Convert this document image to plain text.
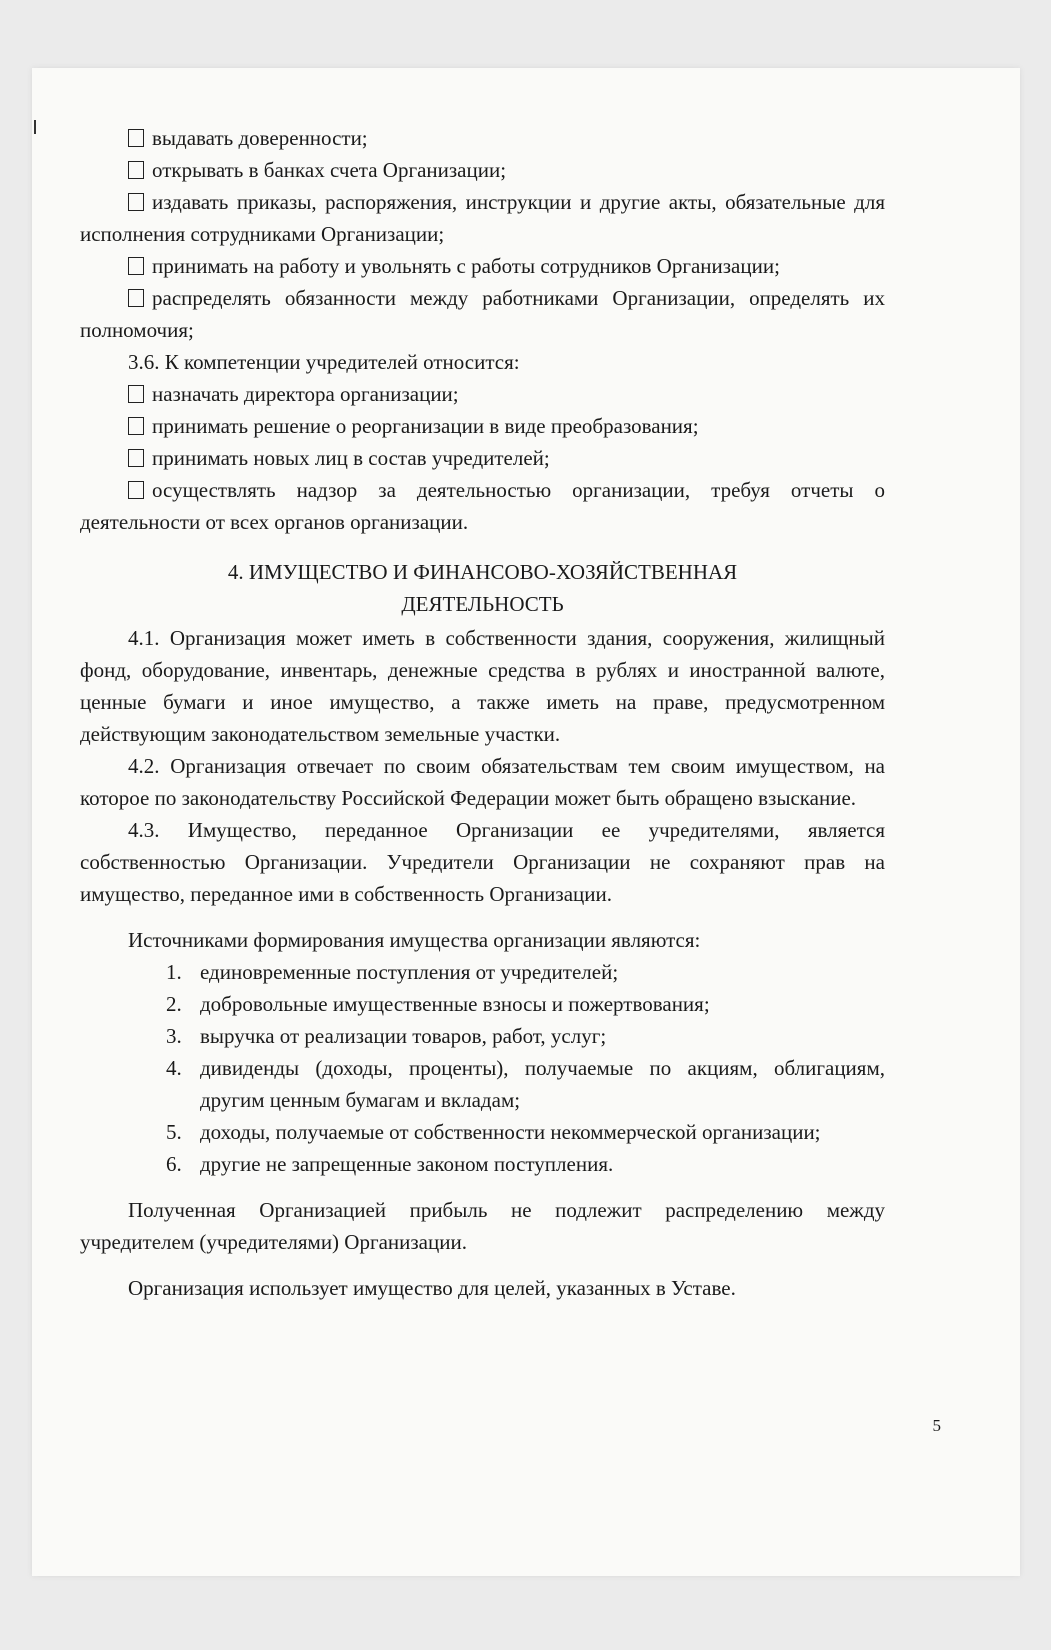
выдавать доверенности;

открывать в банках счета Организации;

издавать приказы, распоряжения, инструкции и другие акты, обязательные для исполнения сотрудниками Организации;

принимать на работу и увольнять с работы сотрудников Организации;

распределять обязанности между работниками Организации, определять их полномочия;

3.6. К компетенции учредителей относится:

назначать директора организации;

принимать решение о реорганизации в виде преобразования;

принимать новых лиц в состав учредителей;

осуществлять надзор за деятельностью организации, требуя отчеты о деятельности от всех органов организации.

4. ИМУЩЕСТВО И ФИНАНСОВО-ХОЗЯЙСТВЕННАЯ
ДЕЯТЕЛЬНОСТЬ

4.1. Организация может иметь в собственности здания, сооружения, жилищный фонд, оборудование, инвентарь, денежные средства в рублях и иностранной валюте, ценные бумаги и иное имущество, а также иметь на праве, предусмотренном действующим законодательством земельные участки.

4.2. Организация отвечает по своим обязательствам тем своим имуществом, на которое по законодательству Российской Федерации может быть обращено взыскание.

4.3. Имущество, переданное Организации ее учредителями, является собственностью Организации. Учредители Организации не сохраняют прав на имущество, переданное ими в собственность Организации.

Источниками формирования имущества организации являются:

1. единовременные поступления от учредителей;
2. добровольные имущественные взносы и пожертвования;
3. выручка от реализации товаров, работ, услуг;
4. дивиденды (доходы, проценты), получаемые по акциям, облигациям, другим ценным бумагам и вкладам;
5. доходы, получаемые от собственности некоммерческой организации;
6. другие не запрещенные законом поступления.

Полученная Организацией прибыль не подлежит распределению между учредителем (учредителями) Организации.

Организация использует имущество для целей, указанных в Уставе.

5
